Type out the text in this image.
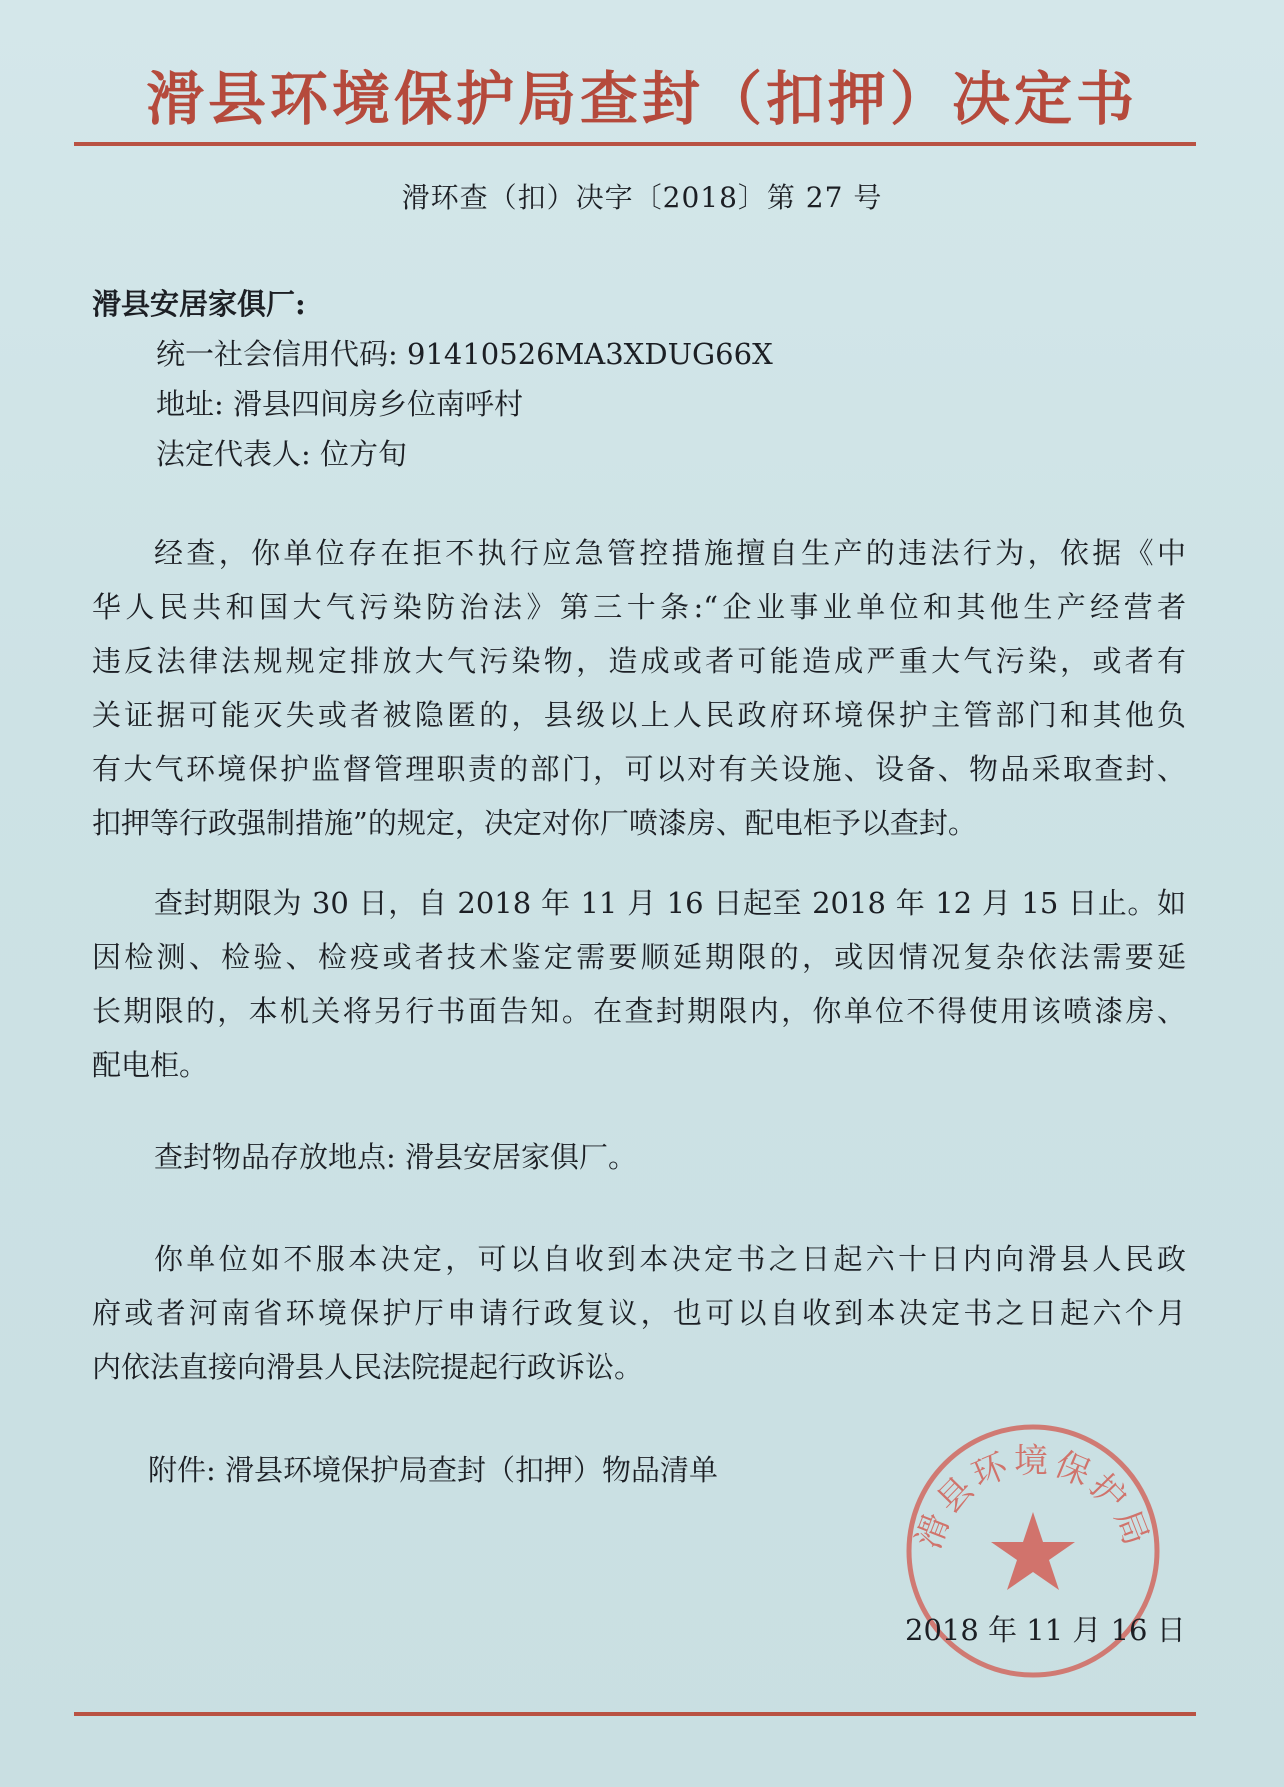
滑县环境保护局查封（扣押）决定书
滑环查（扣）决字〔2018〕第 27 号
滑县安居家俱厂:
统一社会信用代码: 91410526MA3XDUG66X
地址: 滑县四间房乡位南呼村
法定代表人: 位方旬

经查，你单位存在拒不执行应急管控措施擅自生产的违法行为，依据《中
华人民共和国大气污染防治法》第三十条:“企业事业单位和其他生产经营者
违反法律法规规定排放大气污染物，造成或者可能造成严重大气污染，或者有
关证据可能灭失或者被隐匿的，县级以上人民政府环境保护主管部门和其他负
有大气环境保护监督管理职责的部门，可以对有关设施、设备、物品采取查封、
扣押等行政强制措施”的规定，决定对你厂喷漆房、配电柜予以查封。

查封期限为 30 日，自 2018 年 11 月 16 日起至 2018 年 12 月 15 日止。如
因检测、检验、检疫或者技术鉴定需要顺延期限的，或因情况复杂依法需要延
长期限的，本机关将另行书面告知。在查封期限内，你单位不得使用该喷漆房、
配电柜。

查封物品存放地点: 滑县安居家俱厂。

你单位如不服本决定，可以自收到本决定书之日起六十日内向滑县人民政
府或者河南省环境保护厅申请行政复议，也可以自收到本决定书之日起六个月
内依法直接向滑县人民法院提起行政诉讼。

附件: 滑县环境保护局查封（扣押）物品清单
滑县环境保护局
2018 年 11 月 16 日
